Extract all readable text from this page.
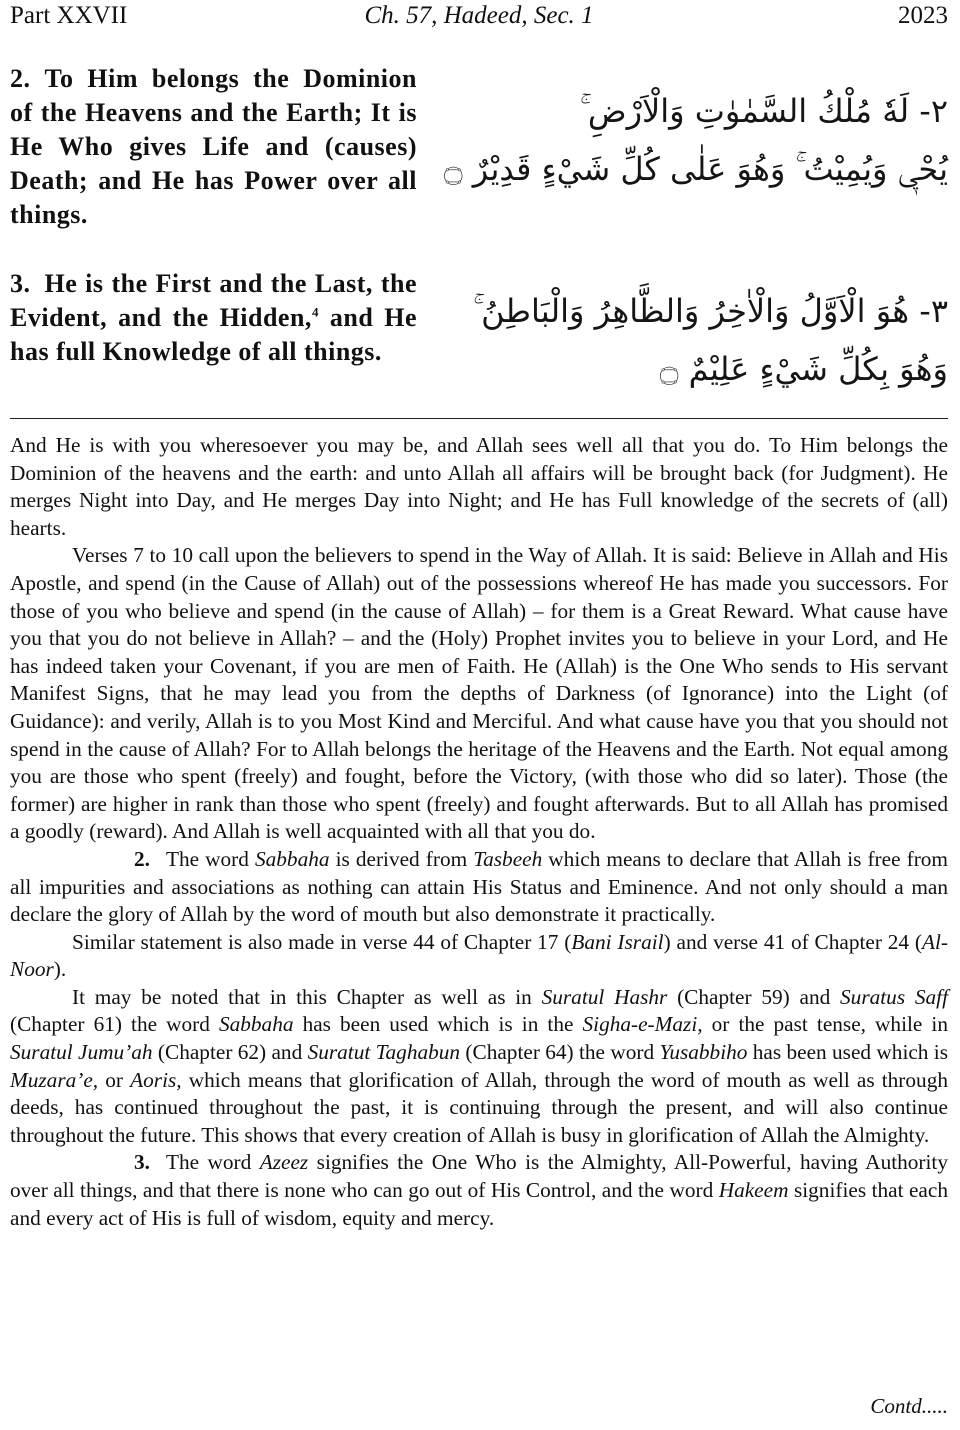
Part XXVII	Ch. 57, Hadeed, Sec. 1	2023
2. To Him belongs the Dominion of the Heavens and the Earth; It is He Who gives Life and (causes) Death; and He has Power over all things.
٢- لَهٗ مُلْكُ السَّمٰوٰتِ وَالْاَرْضِ ۚ
يُحْيٖ وَيُمِيْتُ ۚ وَهُوَ عَلٰى كُلِّ شَيْءٍ قَدِيْرٌ ۝
3. He is the First and the Last, the Evident, and the Hidden,$^4$ and He has full Knowledge of all things.
٣- هُوَ الْاَوَّلُ وَالْاٰخِرُ وَالظَّاهِرُ وَالْبَاطِنُ ۚ
وَهُوَ بِكُلِّ شَيْءٍ عَلِيْمٌ ۝

And He is with you wheresoever you may be, and Allah sees well all that you do. To Him belongs the Dominion of the heavens and the earth: and unto Allah all affairs will be brought back (for Judgment). He merges Night into Day, and He merges Day into Night; and He has Full knowledge of the secrets of (all) hearts.

Verses 7 to 10 call upon the believers to spend in the Way of Allah. It is said: Believe in Allah and His Apostle, and spend (in the Cause of Allah) out of the possessions whereof He has made you successors. For those of you who believe and spend (in the cause of Allah) – for them is a Great Reward. What cause have you that you do not believe in Allah? – and the (Holy) Prophet invites you to believe in your Lord, and He has indeed taken your Covenant, if you are men of Faith. He (Allah) is the One Who sends to His servant Manifest Signs, that he may lead you from the depths of Darkness (of Ignorance) into the Light (of Guidance): and verily, Allah is to you Most Kind and Merciful. And what cause have you that you should not spend in the cause of Allah? For to Allah belongs the heritage of the Heavens and the Earth. Not equal among you are those who spent (freely) and fought, before the Victory, (with those who did so later). Those (the former) are higher in rank than those who spent (freely) and fought afterwards. But to all Allah has promised a goodly (reward). And Allah is well acquainted with all that you do.

2. The word Sabbaha is derived from Tasbeeh which means to declare that Allah is free from all impurities and associations as nothing can attain His Status and Eminence. And not only should a man declare the glory of Allah by the word of mouth but also demonstrate it practically.

Similar statement is also made in verse 44 of Chapter 17 (Bani Israil) and verse 41 of Chapter 24 (Al-Noor).

It may be noted that in this Chapter as well as in Suratul Hashr (Chapter 59) and Suratus Saff (Chapter 61) the word Sabbaha has been used which is in the Sigha-e-Mazi, or the past tense, while in Suratul Jumu’ah (Chapter 62) and Suratut Taghabun (Chapter 64) the word Yusabbiho has been used which is Muzara’e, or Aoris, which means that glorification of Allah, through the word of mouth as well as through deeds, has continued throughout the past, it is continuing through the present, and will also continue throughout the future. This shows that every creation of Allah is busy in glorification of Allah the Almighty.

3. The word Azeez signifies the One Who is the Almighty, All-Powerful, having Authority over all things, and that there is none who can go out of His Control, and the word Hakeem signifies that each and every act of His is full of wisdom, equity and mercy.

Contd.....
